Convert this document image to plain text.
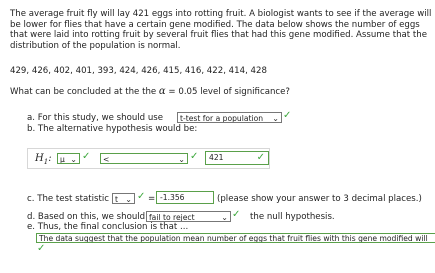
The average fruit fly will lay 421 eggs into rotting fruit. A biologist wants to see if the average will be lower for flies that have a certain gene modified. The data below shows the number of eggs that were laid into rotting fruit by several fruit flies that had this gene modified. Assume that the distribution of the population is normal.
429, 426, 402, 401, 393, 424, 426, 415, 416, 422, 414, 428
What can be concluded at the the α = 0.05 level of significance?
a. For this study, we should use	t-test for a population	⌄ ✓
b. The alternative hypothesis would be:
$H_1$:	μ ⌄ ✓	<	⌄ ✓	421	✓
c. The test statistic t ⌄ ✓ = -1.356	(please show your answer to 3 decimal places.)
d. Based on this, we should fail to reject	⌄ ✓ the null hypothesis.
e. Thus, the final conclusion is that ...
The data suggest that the population mean number of eggs that fruit flies with this gene modified will
✓
